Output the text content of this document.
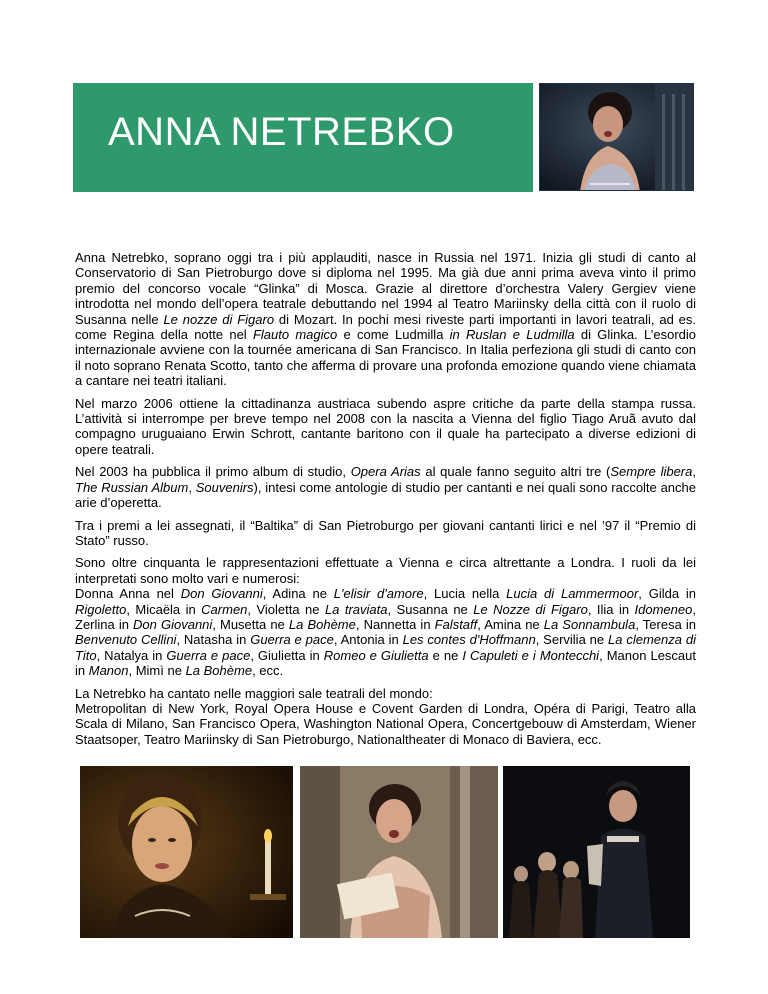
ANNA NETREBKO

Anna Netrebko, soprano oggi tra i più applauditi, nasce in Russia nel 1971. Inizia gli studi di canto al Conservatorio di San Pietroburgo dove si diploma nel 1995. Ma già due anni prima aveva vinto il primo premio del concorso vocale “Glinka” di Mosca. Grazie al direttore d’orchestra Valery Gergiev viene introdotta nel mondo dell’opera teatrale debuttando nel 1994 al Teatro Mariinsky della città con il ruolo di Susanna nelle Le nozze di Figaro di Mozart. In pochi mesi riveste parti importanti in lavori teatrali, ad es. come Regina della notte nel Flauto magico e come Ludmilla in Ruslan e Ludmilla di Glinka. L’esordio internazionale avviene con la tournée americana di San Francisco. In Italia perfeziona gli studi di canto con il noto soprano Renata Scotto, tanto che afferma di provare una profonda emozione quando viene chiamata a cantare nei teatri italiani.

Nel marzo 2006 ottiene la cittadinanza austriaca subendo aspre critiche da parte della stampa russa. L’attività si interrompe per breve tempo nel 2008 con la nascita a Vienna del figlio Tiago Aruã avuto dal compagno uruguaiano Erwin Schrott, cantante baritono con il quale ha partecipato a diverse edizioni di opere teatrali.

Nel 2003 ha pubblica il primo album di studio, Opera Arias al quale fanno seguito altri tre (Sempre libera, The Russian Album, Souvenirs), intesi come antologie di studio per cantanti e nei quali sono raccolte anche arie d’operetta.

Tra i premi a lei assegnati, il “Baltika” di San Pietroburgo per giovani cantanti lirici e nel ’97 il “Premio di Stato” russo.

Sono oltre cinquanta le rappresentazioni effettuate a Vienna e circa altrettante a Londra. I ruoli da lei interpretati sono molto vari e numerosi:
Donna Anna nel Don Giovanni, Adina ne L'elisir d'amore, Lucia nella Lucia di Lammermoor, Gilda in Rigoletto, Micaëla in Carmen, Violetta ne La traviata, Susanna ne Le Nozze di Figaro, Ilia in Idomeneo, Zerlina in Don Giovanni, Musetta ne La Bohème, Nannetta in Falstaff, Amina ne La Sonnambula, Teresa in Benvenuto Cellini, Natasha in Guerra e pace, Antonia in Les contes d'Hoffmann, Servilia ne La clemenza di Tito, Natalya in Guerra e pace, Giulietta in Romeo e Giulietta e ne I Capuleti e i Montecchi, Manon Lescaut in Manon, Mimì ne La Bohème, ecc.

La Netrebko ha cantato nelle maggiori sale teatrali del mondo:
Metropolitan di New York, Royal Opera House e Covent Garden di Londra, Opéra di Parigi, Teatro alla Scala di Milano, San Francisco Opera, Washington National Opera, Concertgebouw di Amsterdam, Wiener Staatsoper, Teatro Mariinsky di San Pietroburgo, Nationaltheater di Monaco di Baviera, ecc.
